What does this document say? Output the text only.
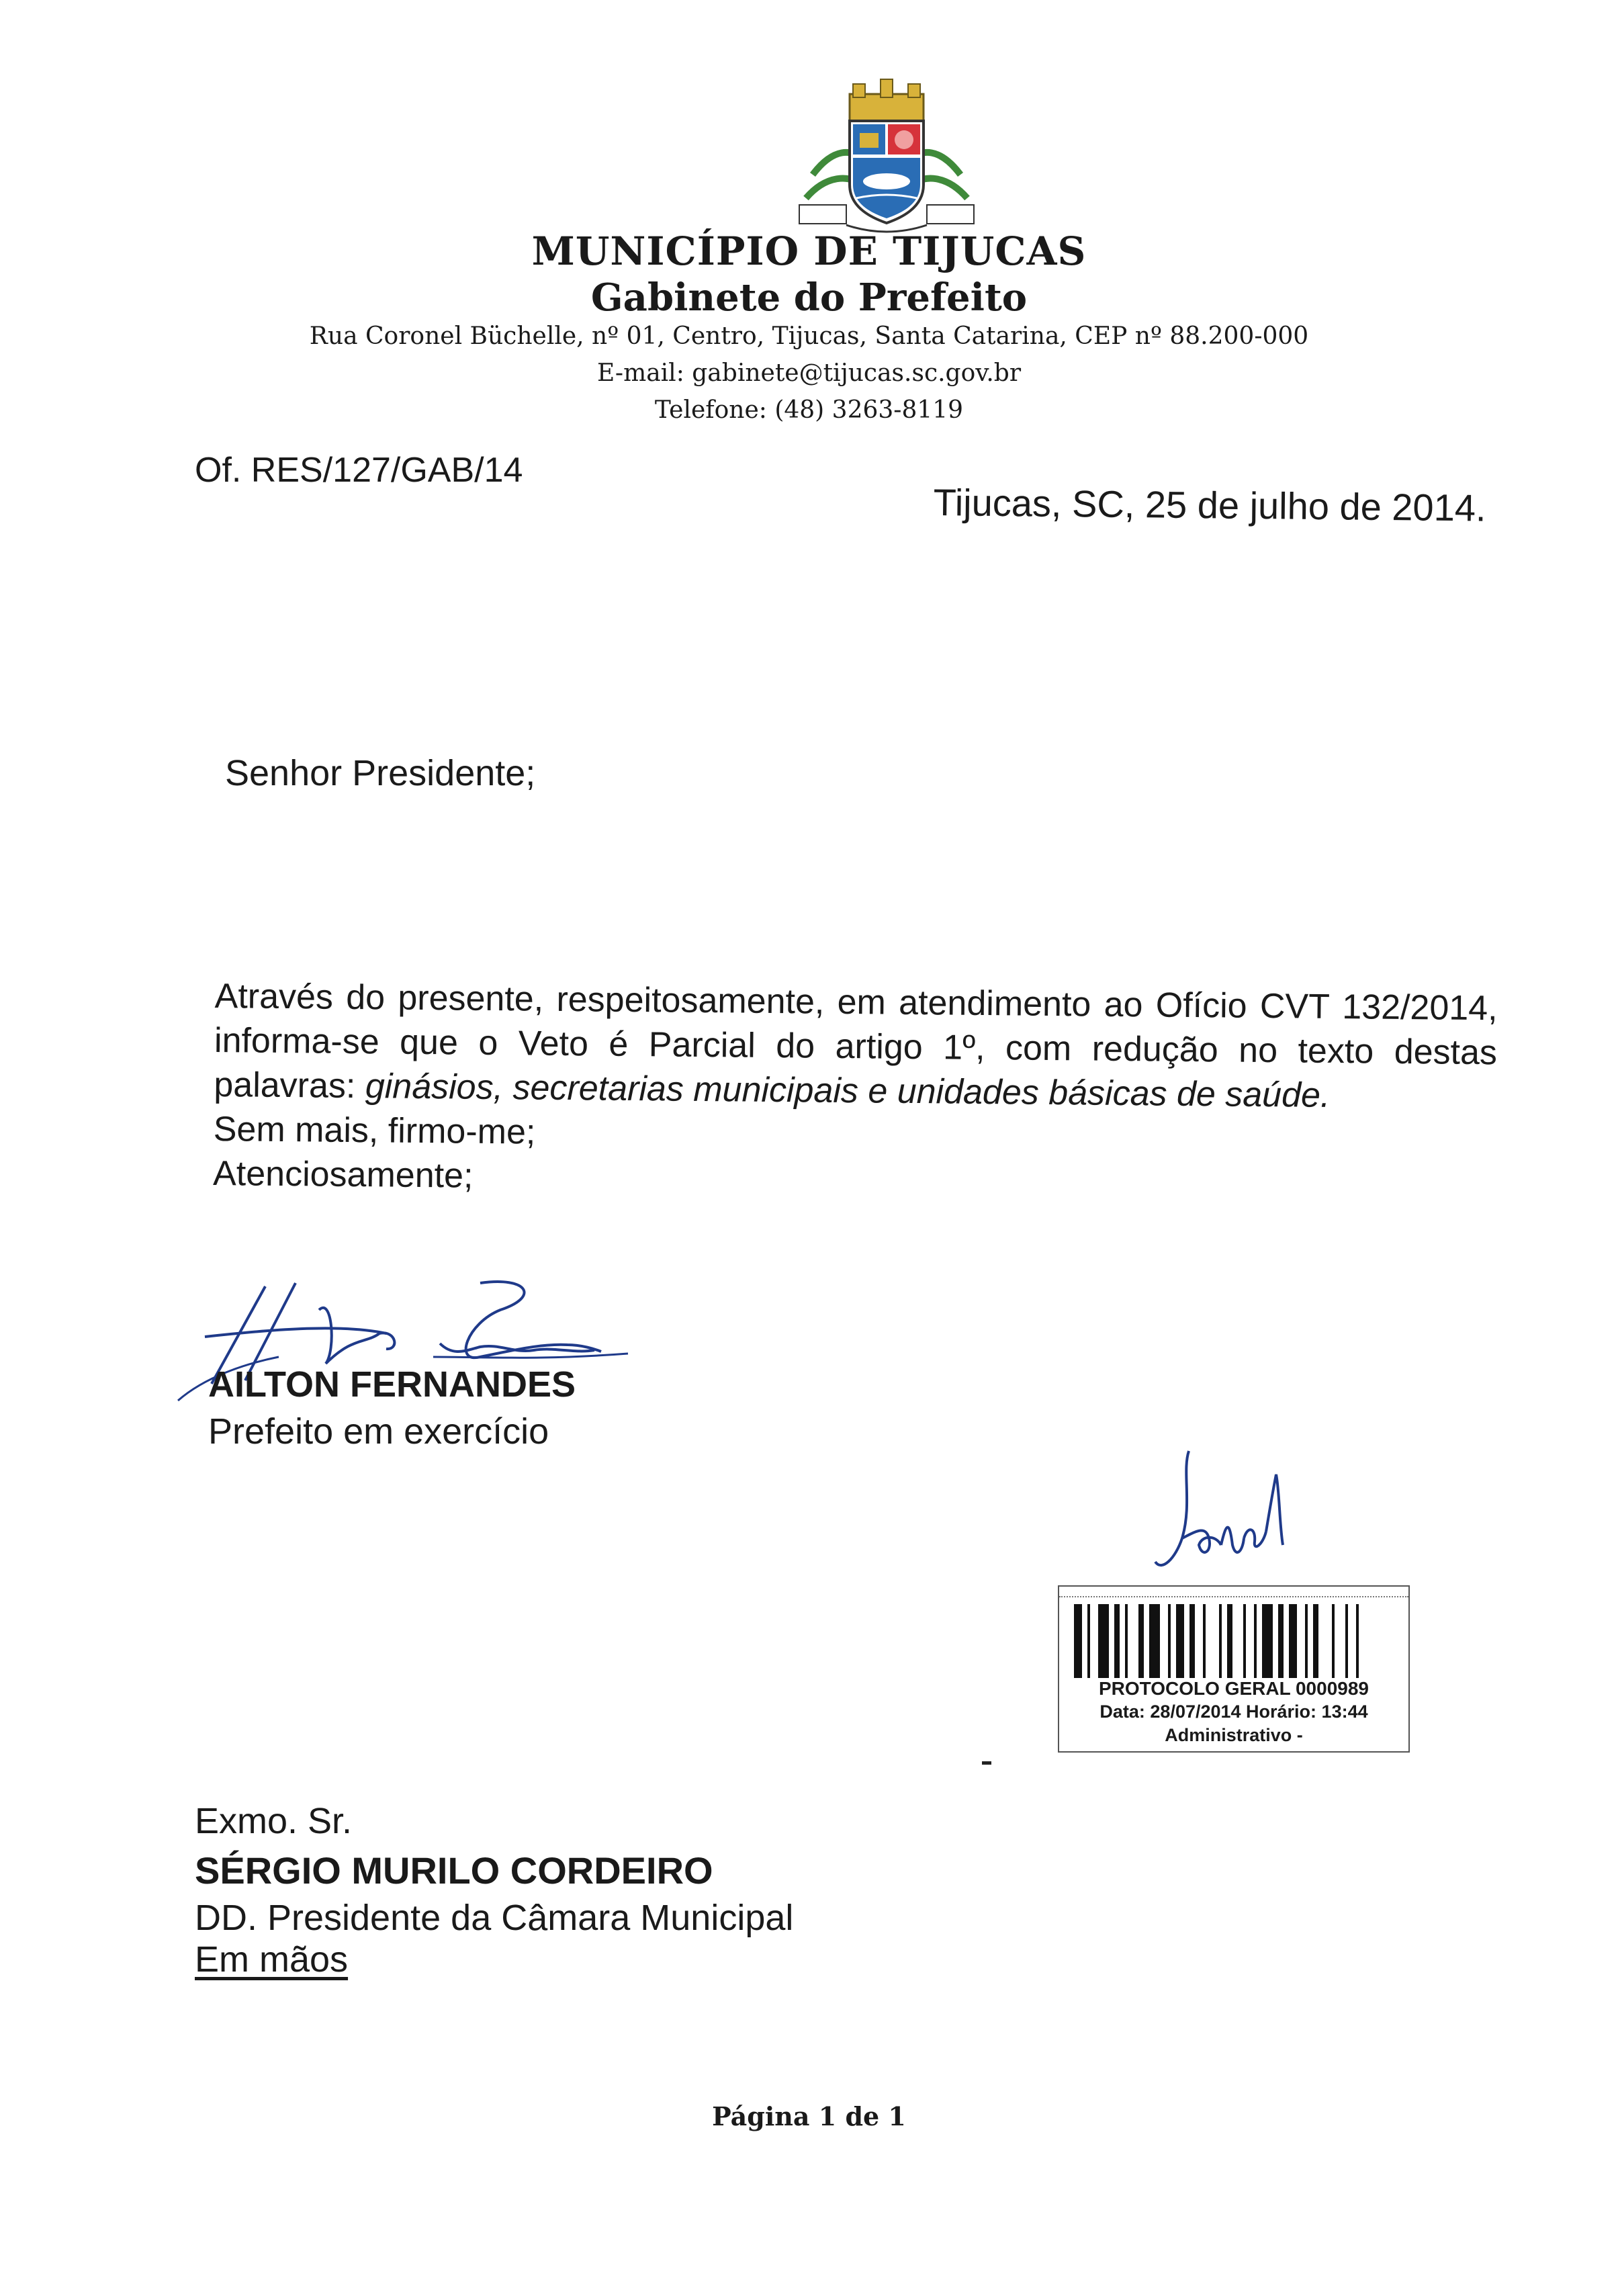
MUNICÍPIO DE TIJUCAS
Gabinete do Prefeito
Rua Coronel Büchelle, nº 01, Centro, Tijucas, Santa Catarina, CEP nº 88.200-000
E-mail: gabinete@tijucas.sc.gov.br
Telefone: (48) 3263-8119
Of. RES/127/GAB/14
Tijucas, SC, 25 de julho de 2014.
Senhor Presidente;

Através do presente, respeitosamente, em atendimento ao Ofício CVT 132/2014, informa-se que o Veto é Parcial do artigo 1º, com redução no texto destas palavras: ginásios, secretarias municipais e unidades básicas de saúde.

Sem mais, firmo-me;

Atenciosamente;

AILTON FERNANDES
Prefeito em exercício
PROTOCOLO GERAL 0000989
Data: 28/07/2014 Horário: 13:44
Administrativo -
Exmo. Sr.
SÉRGIO MURILO CORDEIRO
DD. Presidente da Câmara Municipal
Em mãos
Página 1 de 1
